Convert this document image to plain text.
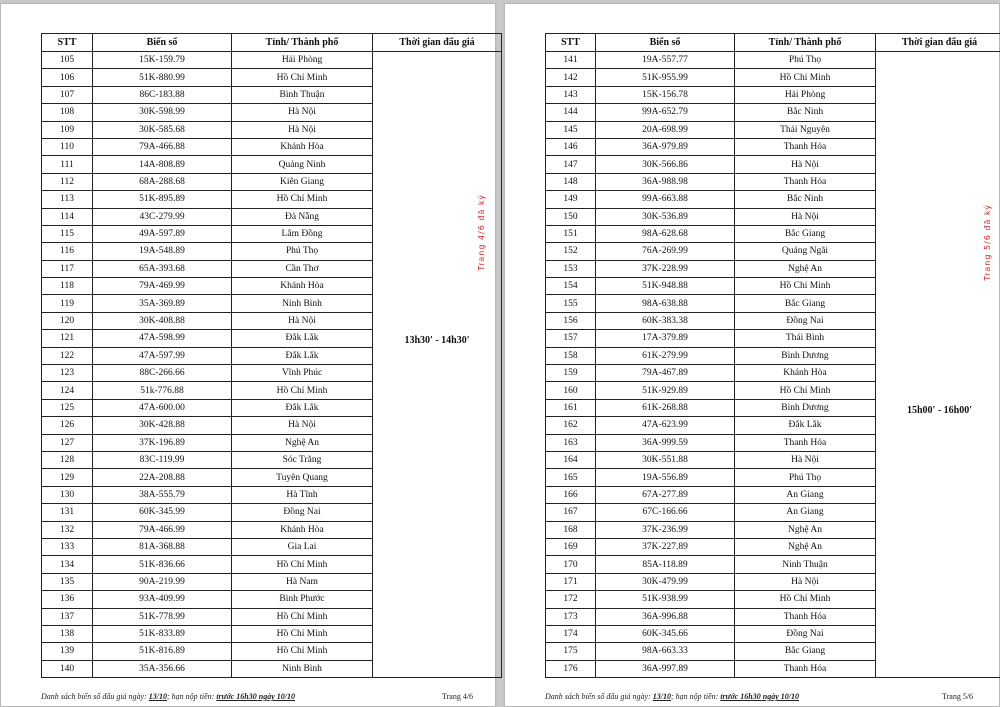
STT	Biển số	Tỉnh/ Thành phố	Thời gian đấu giá
105	15K-159.79	Hải Phòng	13h30' - 14h30'

106	51K-880.99	Hồ Chí Minh	
107	86C-183.88	Bình Thuận	
108	30K-598.99	Hà Nội	
109	30K-585.68	Hà Nội	
110	79A-466.88	Khánh Hòa	
111	14A-808.89	Quảng Ninh	
112	68A-288.68	Kiên Giang	
113	51K-895.89	Hồ Chí Minh	
114	43C-279.99	Đà Nẵng	
115	49A-597.89	Lâm Đồng	
116	19A-548.89	Phú Thọ	
117	65A-393.68	Cần Thơ	
118	79A-469.99	Khánh Hòa	
119	35A-369.89	Ninh Bình	
120	30K-408.88	Hà Nội	
121	47A-598.99	Đắk Lắk	
122	47A-597.99	Đắk Lắk	
123	88C-266.66	Vĩnh Phúc	
124	51k-776.88	Hồ Chí Minh	
125	47A-600.00	Đắk Lắk	
126	30K-428.88	Hà Nội	
127	37K-196.89	Nghệ An	
128	83C-119.99	Sóc Trăng	
129	22A-208.88	Tuyên Quang	
130	38A-555.79	Hà Tĩnh	
131	60K-345.99	Đồng Nai	
132	79A-466.99	Khánh Hòa	
133	81A-368.88	Gia Lai	
134	51K-836.66	Hồ Chí Minh	
135	90A-219.99	Hà Nam	
136	93A-409.99	Bình Phước	
137	51K-778.99	Hồ Chí Minh	
138	51K-833.89	Hồ Chí Minh	
139	51K-816.89	Hồ Chí Minh	
140	35A-356.66	Ninh Bình	
Trang 4/6 đã ký
Danh sách biển số đấu giá ngày: 13/10; hạn nộp tiền: trước 16h30 ngày 10/10	Trang 4/6
STT	Biển số	Tỉnh/ Thành phố	Thời gian đấu giá
141	19A-557.77	Phú Thọ	15h00' - 16h00'

142	51K-955.99	Hồ Chí Minh	
143	15K-156.78	Hải Phòng	
144	99A-652.79	Bắc Ninh	
145	20A-698.99	Thái Nguyên	
146	36A-979.89	Thanh Hóa	
147	30K-566.86	Hà Nội	
148	36A-988.98	Thanh Hóa	
149	99A-663.88	Bắc Ninh	
150	30K-536.89	Hà Nội	
151	98A-628.68	Bắc Giang	
152	76A-269.99	Quảng Ngãi	
153	37K-228.99	Nghệ An	
154	51K-948.88	Hồ Chí Minh	
155	98A-638.88	Bắc Giang	
156	60K-383.38	Đồng Nai	
157	17A-379.89	Thái Bình	
158	61K-279.99	Bình Dương	
159	79A-467.89	Khánh Hòa	
160	51K-929.89	Hồ Chí Minh	
161	61K-268.88	Bình Dương	
162	47A-623.99	Đắk Lắk	
163	36A-999.59	Thanh Hóa	
164	30K-551.88	Hà Nội	
165	19A-556.89	Phú Thọ	
166	67A-277.89	An Giang	
167	67C-166.66	An Giang	
168	37K-236.99	Nghệ An	
169	37K-227.89	Nghệ An	
170	85A-118.89	Ninh Thuận	
171	30K-479.99	Hà Nội	
172	51K-938.99	Hồ Chí Minh	
173	36A-996.88	Thanh Hóa	
174	60K-345.66	Đồng Nai	
175	98A-663.33	Bắc Giang	
176	36A-997.89	Thanh Hóa	
Trang 5/6 đã ký
Danh sách biển số đấu giá ngày: 13/10; hạn nộp tiền: trước 16h30 ngày 10/10	Trang 5/6
